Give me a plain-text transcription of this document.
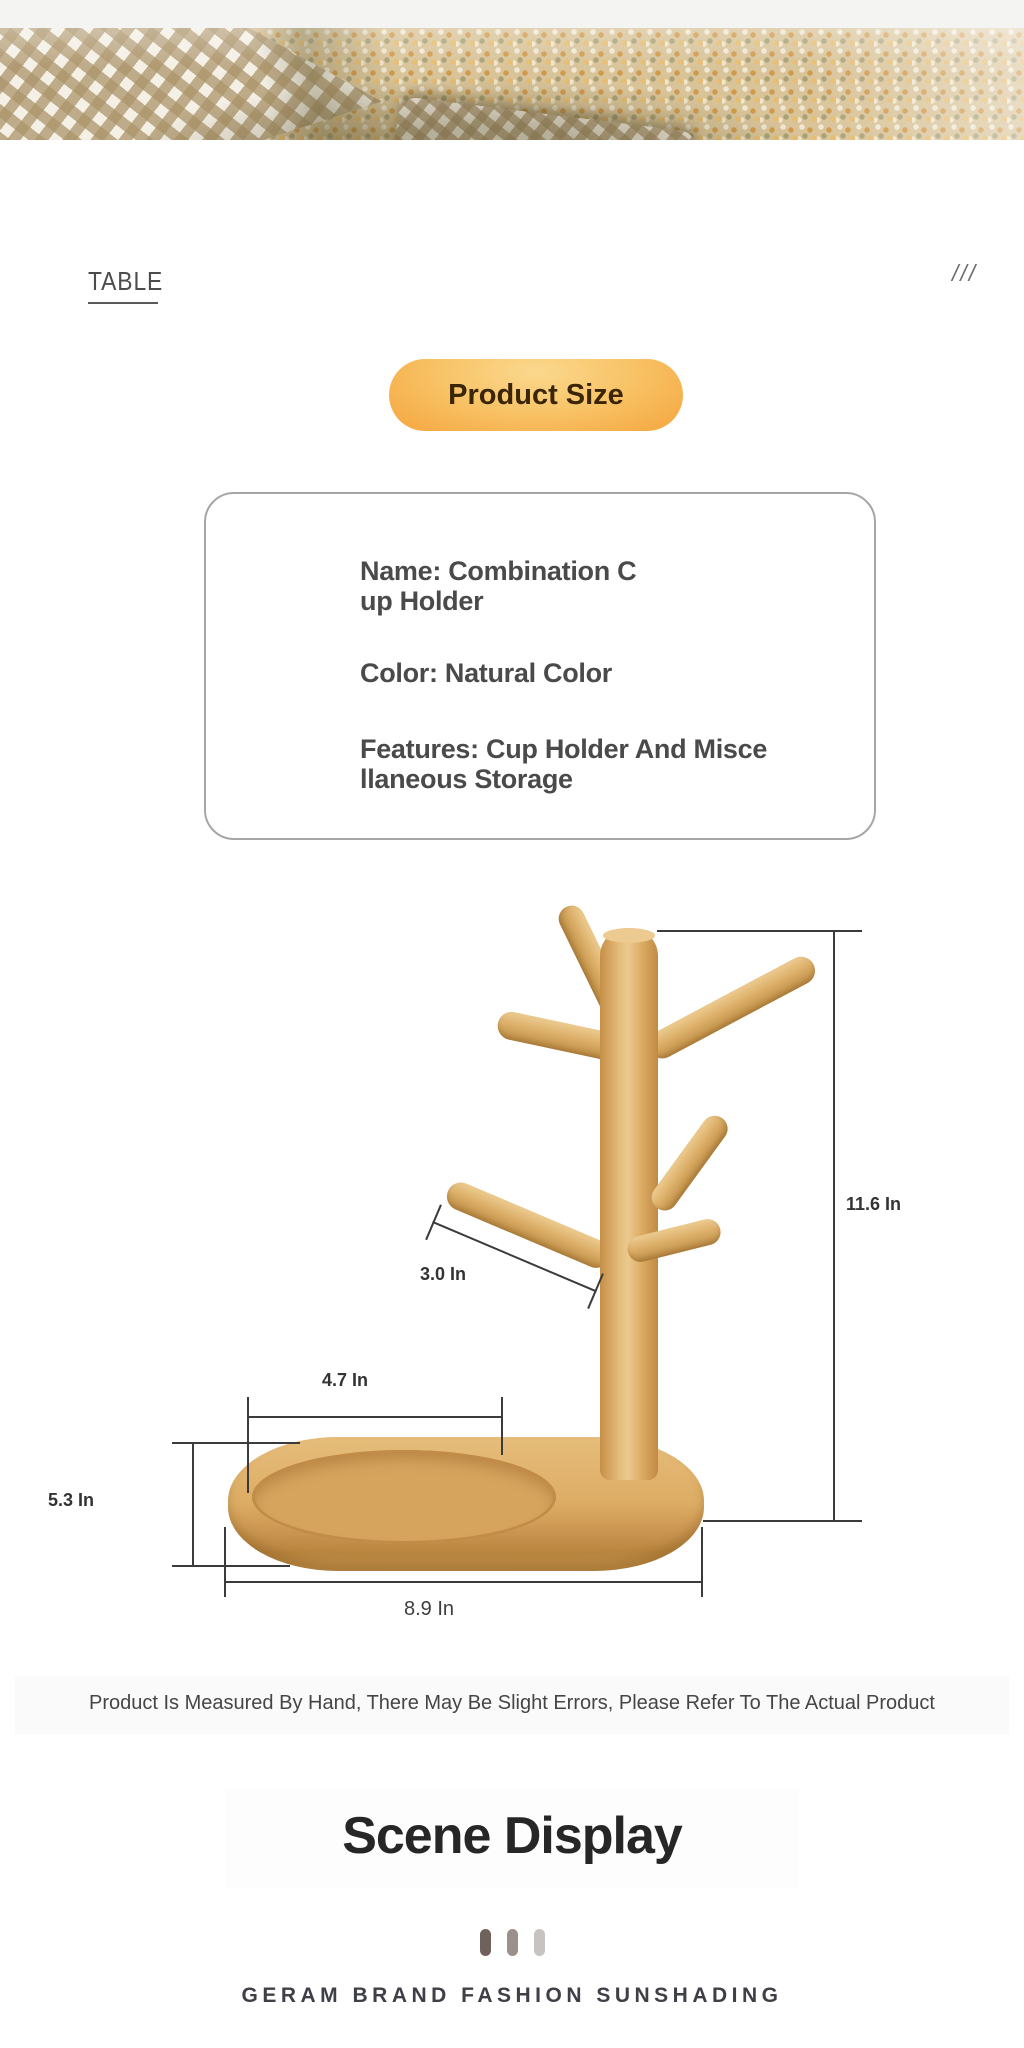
TABLE	///
Product Size

Name: Combination C
up Holder

Color: Natural Color

Features: Cup Holder And Misce
llaneous Storage

11.6 In
3.0 In
4.7 In
5.3 In
8.9 In
Product Is Measured By Hand, There May Be Slight Errors, Please Refer To The Actual Product
Scene Display
GERAM BRAND FASHION SUNSHADING
